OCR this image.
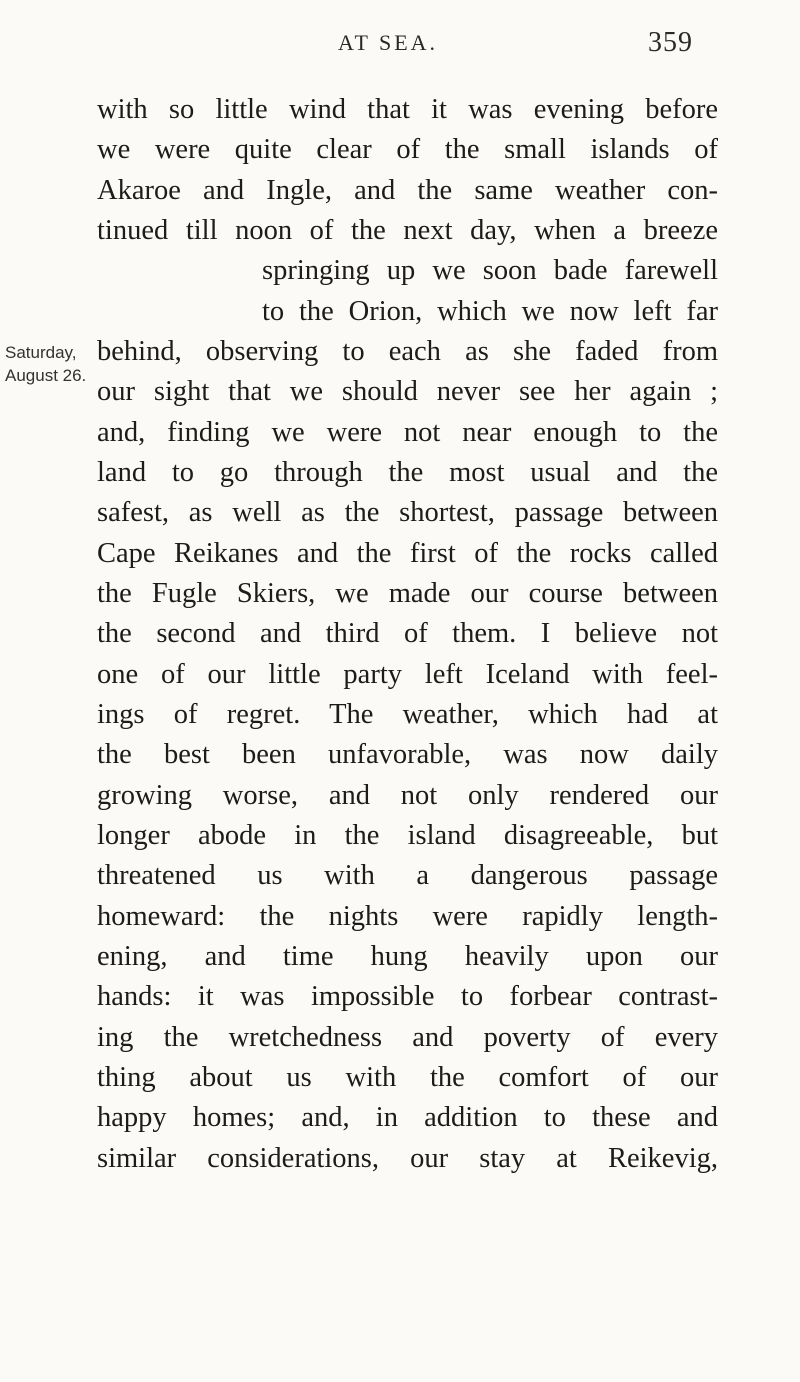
AT SEA.	359
Saturday,
August 26.
with so little wind that it was evening before
we were quite clear of the small islands of
Akaroe and Ingle, and the same weather con-
tinued till noon of the next day, when a breeze
springing up we soon bade farewell
to the Orion, which we now left far
behind, observing to each as she faded from
our sight that we should never see her again ;
and, finding we were not near enough to the
land to go through the most usual and the
safest, as well as the shortest, passage between
Cape Reikanes and the first of the rocks called
the Fugle Skiers, we made our course between
the second and third of them. I believe not
one of our little party left Iceland with feel-
ings of regret. The weather, which had at
the best been unfavorable, was now daily
growing worse, and not only rendered our
longer abode in the island disagreeable, but
threatened us with a dangerous passage
homeward: the nights were rapidly length-
ening, and time hung heavily upon our
hands: it was impossible to forbear contrast-
ing the wretchedness and poverty of every
thing about us with the comfort of our
happy homes; and, in addition to these and
similar considerations, our stay at Reikevig,
